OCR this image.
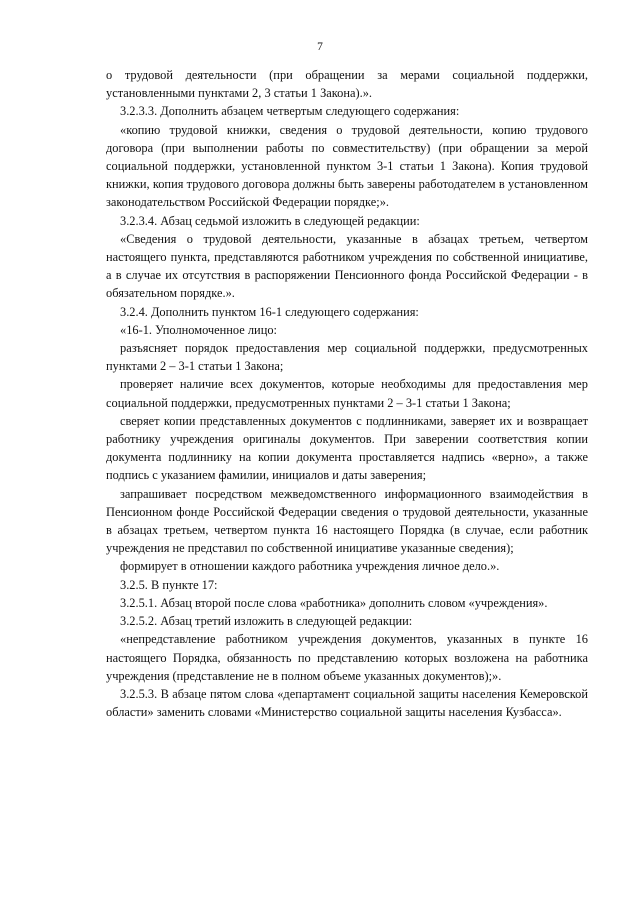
7

о трудовой деятельности (при обращении за мерами социальной поддержки, установленными пунктами 2, 3 статьи 1 Закона).».

3.2.3.3. Дополнить абзацем четвертым следующего содержания:

«копию трудовой книжки, сведения о трудовой деятельности, копию трудового договора (при выполнении работы по совместительству) (при обращении за мерой социальной поддержки, установленной пунктом 3-1 статьи 1 Закона). Копия трудовой книжки, копия трудового договора должны быть заверены работодателем в установленном законодательством Российской Федерации порядке;».

3.2.3.4. Абзац седьмой изложить в следующей редакции:

«Сведения о трудовой деятельности, указанные в абзацах третьем, четвертом настоящего пункта, представляются работником учреждения по собственной инициативе, а в случае их отсутствия в распоряжении Пенсионного фонда Российской Федерации - в обязательном порядке.».

3.2.4. Дополнить пунктом 16-1 следующего содержания:

«16-1. Уполномоченное лицо:

разъясняет порядок предоставления мер социальной поддержки, предусмотренных пунктами 2 – 3-1 статьи 1 Закона;

проверяет наличие всех документов, которые необходимы для предоставления мер социальной поддержки, предусмотренных пунктами 2 – 3-1 статьи 1 Закона;

сверяет копии представленных документов с подлинниками, заверяет их и возвращает работнику учреждения оригиналы документов. При заверении соответствия копии документа подлиннику на копии документа проставляется надпись «верно», а также подпись с указанием фамилии, инициалов и даты заверения;

запрашивает посредством межведомственного информационного взаимодействия в Пенсионном фонде Российской Федерации сведения о трудовой деятельности, указанные в абзацах третьем, четвертом пункта 16 настоящего Порядка (в случае, если работник учреждения не представил по собственной инициативе указанные сведения);

формирует в отношении каждого работника учреждения личное дело.».

3.2.5. В пункте 17:

3.2.5.1. Абзац второй после слова «работника» дополнить словом «учреждения».

3.2.5.2. Абзац третий изложить в следующей редакции:

«непредставление работником учреждения документов, указанных в пункте 16 настоящего Порядка, обязанность по представлению которых возложена на работника учреждения (представление не в полном объеме указанных документов);».

3.2.5.3. В абзаце пятом слова «департамент социальной защиты населения Кемеровской области» заменить словами «Министерство социальной защиты населения Кузбасса».
